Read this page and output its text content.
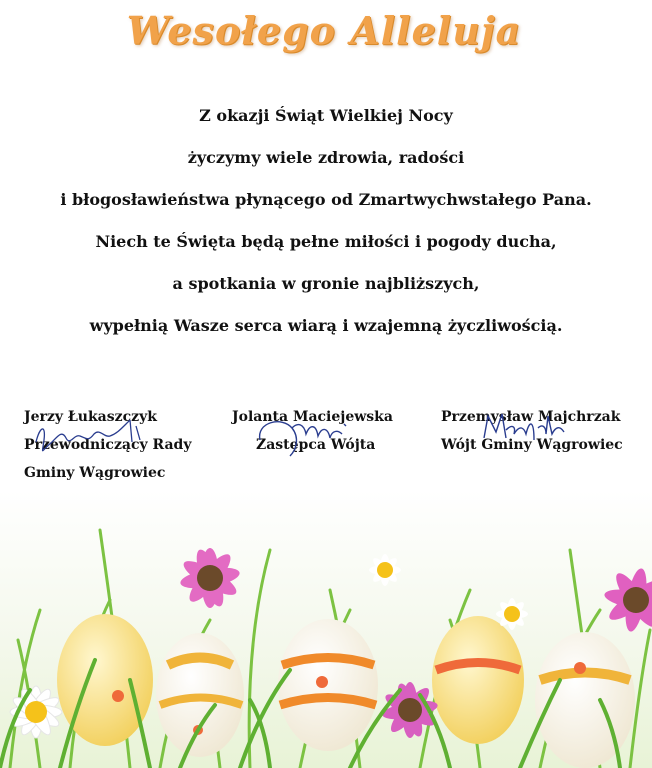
Wesołego Alleluja
Z okazji Świąt Wielkiej Nocy
życzymy wiele zdrowia, radości
i błogosławieństwa płynącego od Zmartwychwstałego Pana.
Niech te Święta będą pełne miłości i pogody ducha,
a spotkania w gronie najbliższych,
wypełnią Wasze serca wiarą i wzajemną życzliwością.
Jerzy Łukaszczyk
Przewodniczący Rady
Gminy Wągrowiec
Jolanta Maciejewska
Zastępca Wójta
Przemysław Majchrzak
Wójt Gminy Wągrowiec
